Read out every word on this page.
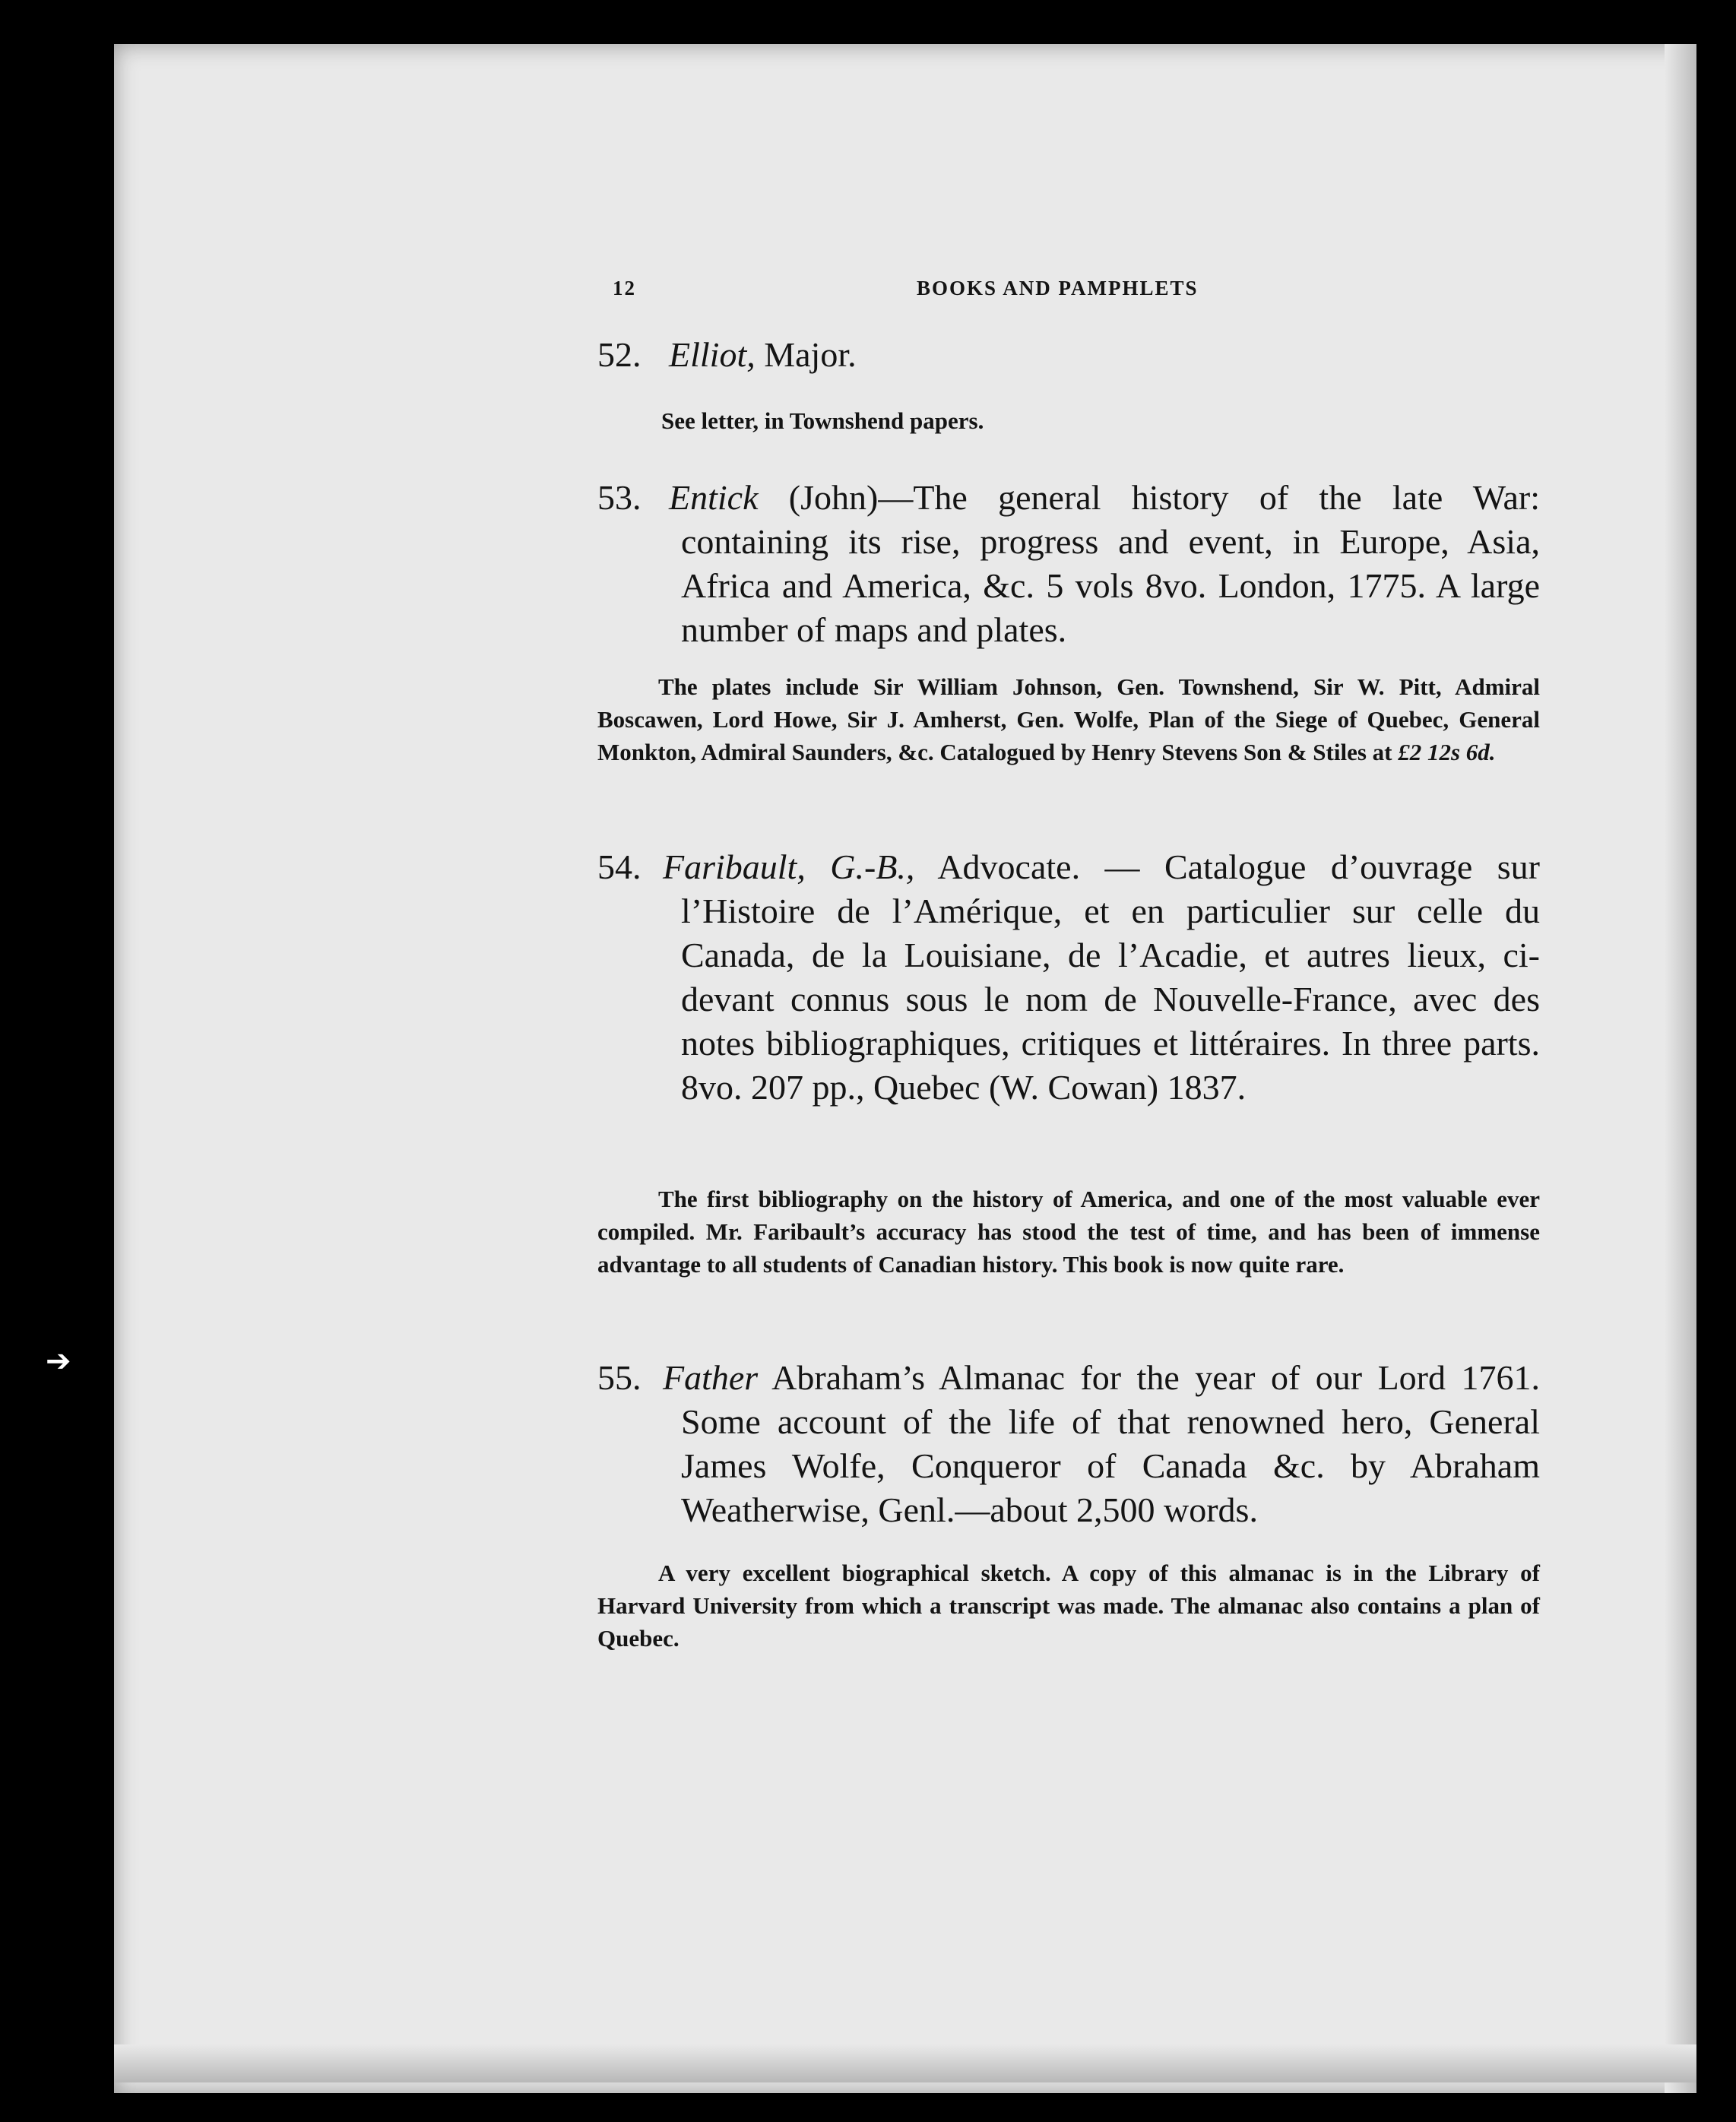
➔
12	BOOKS AND PAMPHLETS
52. Elliot, Major.
See letter, in Townshend papers.
53. Entick (John)—The general history of the late War: containing its rise, progress and event, in Europe, Asia, Africa and America, &c. 5 vols 8vo. London, 1775. A large number of maps and plates.
The plates include Sir William Johnson, Gen. Townshend, Sir W. Pitt, Admiral Boscawen, Lord Howe, Sir J. Amherst, Gen. Wolfe, Plan of the Siege of Quebec, General Monkton, Admiral Saunders, &c. Catalogued by Henry Stevens Son & Stiles at £2 12s 6d.
54. Faribault, G.-B., Advocate. — Catalogue d’ouvrage sur l’Histoire de l’Amérique, et en particulier sur celle du Canada, de la Louisiane, de l’Acadie, et autres lieux, ci-devant connus sous le nom de Nouvelle-France, avec des notes bibliographiques, critiques et littéraires. In three parts. 8vo. 207 pp., Quebec (W. Cowan) 1837.
The first bibliography on the history of America, and one of the most valuable ever compiled. Mr. Faribault’s accuracy has stood the test of time, and has been of immense advantage to all students of Canadian history. This book is now quite rare.
55. Father Abraham’s Almanac for the year of our Lord 1761. Some account of the life of that renowned hero, General James Wolfe, Conqueror of Canada &c. by Abraham Weatherwise, Genl.—about 2,500 words.
A very excellent biographical sketch. A copy of this almanac is in the Library of Harvard University from which a transcript was made. The almanac also contains a plan of Quebec.
